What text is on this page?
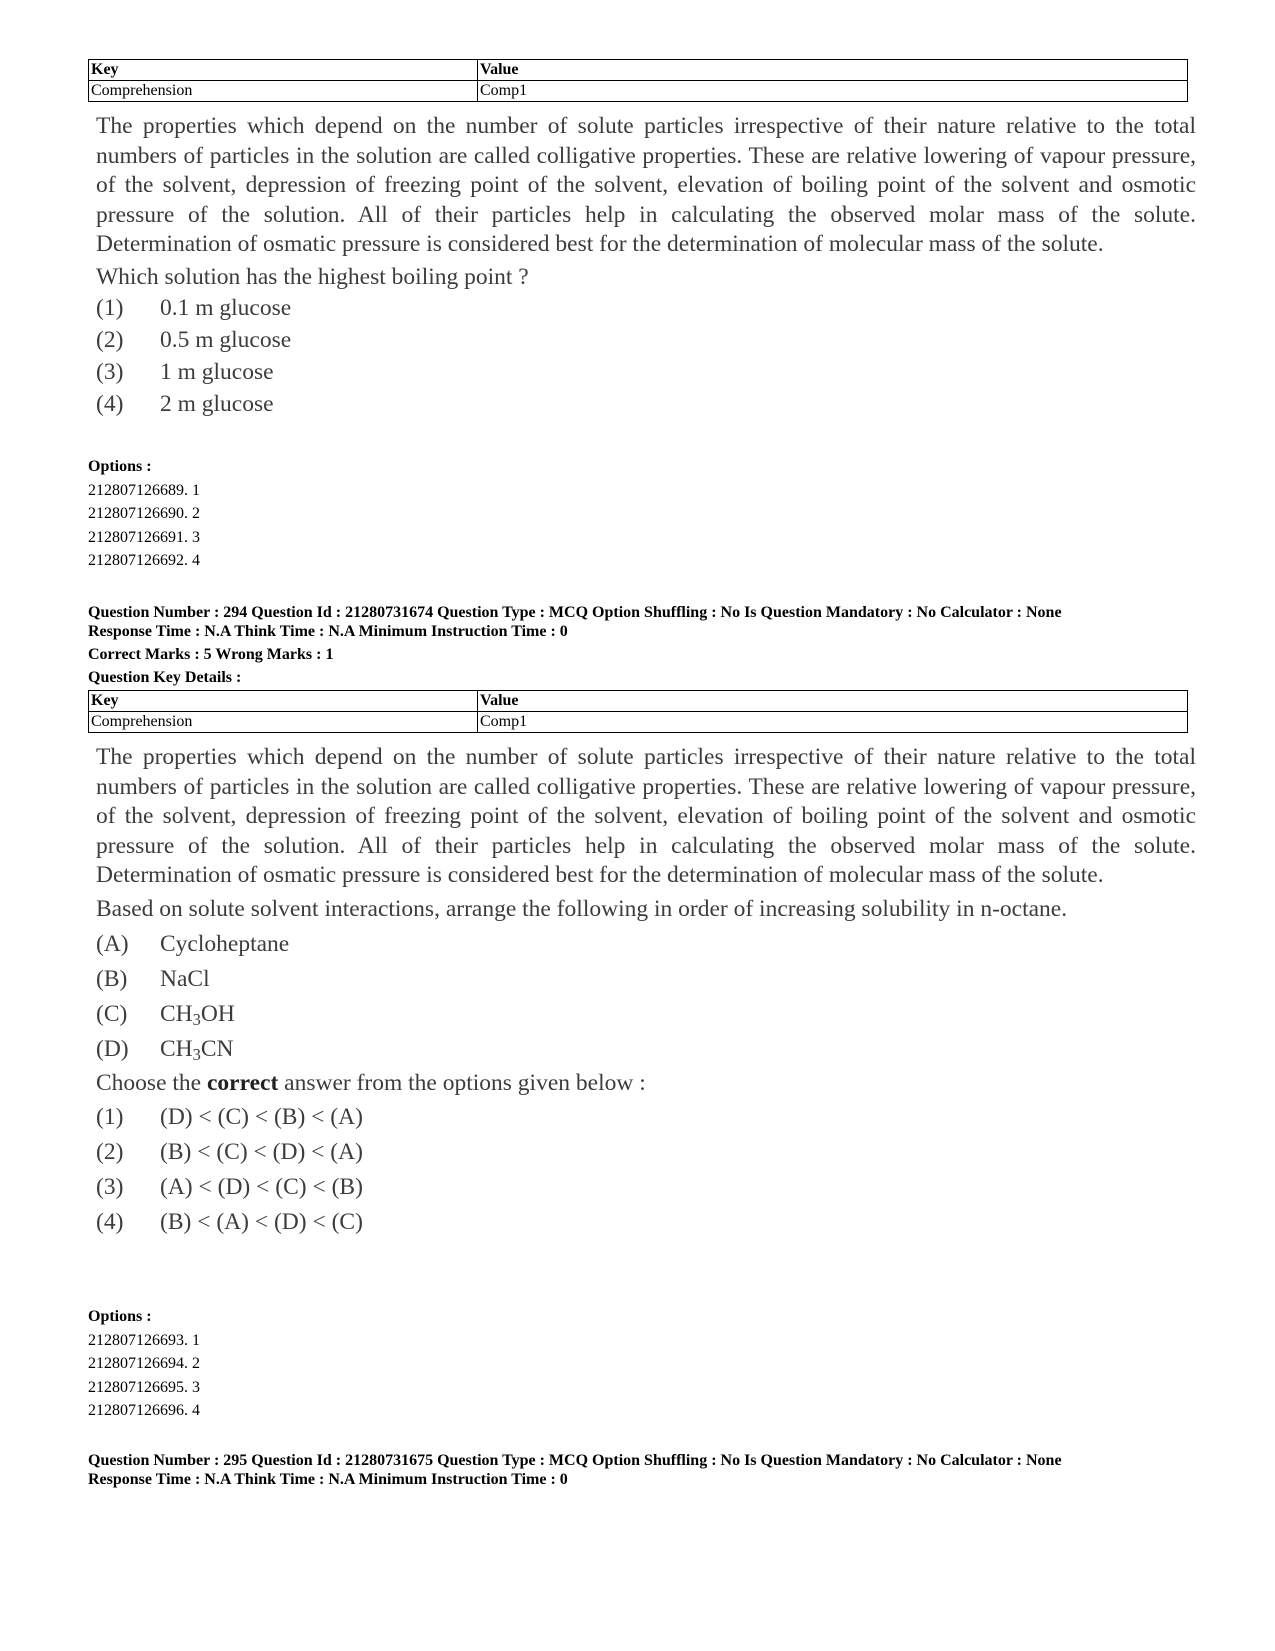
Key	Value
Comprehension	Comp1

The properties which depend on the number of solute particles irrespective of their nature relative to the total numbers of particles in the solution are called colligative properties. These are relative lowering of vapour pressure, of the solvent, depression of freezing point of the solvent, elevation of boiling point of the solvent and osmotic pressure of the solution. All of their particles help in calculating the observed molar mass of the solute. Determination of osmatic pressure is considered best for the determination of molecular mass of the solute.

Which solution has the highest boiling point ?

(1)	0.1 m glucose
(2)	0.5 m glucose
(3)	1 m glucose
(4)	2 m glucose
Options :
212807126689. 1
212807126690. 2
212807126691. 3
212807126692. 4
Question Number : 294 Question Id : 21280731674 Question Type : MCQ Option Shuffling : No Is Question Mandatory : No Calculator : None
Response Time : N.A Think Time : N.A Minimum Instruction Time : 0
Correct Marks : 5 Wrong Marks : 1
Question Key Details :
Key	Value
Comprehension	Comp1

The properties which depend on the number of solute particles irrespective of their nature relative to the total numbers of particles in the solution are called colligative properties. These are relative lowering of vapour pressure, of the solvent, depression of freezing point of the solvent, elevation of boiling point of the solvent and osmotic pressure of the solution. All of their particles help in calculating the observed molar mass of the solute. Determination of osmatic pressure is considered best for the determination of molecular mass of the solute.

Based on solute solvent interactions, arrange the following in order of increasing solubility in n-octane.

(A)	Cycloheptane
(B)	NaCl
(C)	$CH_3OH$
(D)	$CH_3CN$

Choose the correct answer from the options given below :

(1)	(D) < (C) < (B) < (A)
(2)	(B) < (C) < (D) < (A)
(3)	(A) < (D) < (C) < (B)
(4)	(B) < (A) < (D) < (C)
Options :
212807126693. 1
212807126694. 2
212807126695. 3
212807126696. 4
Question Number : 295 Question Id : 21280731675 Question Type : MCQ Option Shuffling : No Is Question Mandatory : No Calculator : None
Response Time : N.A Think Time : N.A Minimum Instruction Time : 0
